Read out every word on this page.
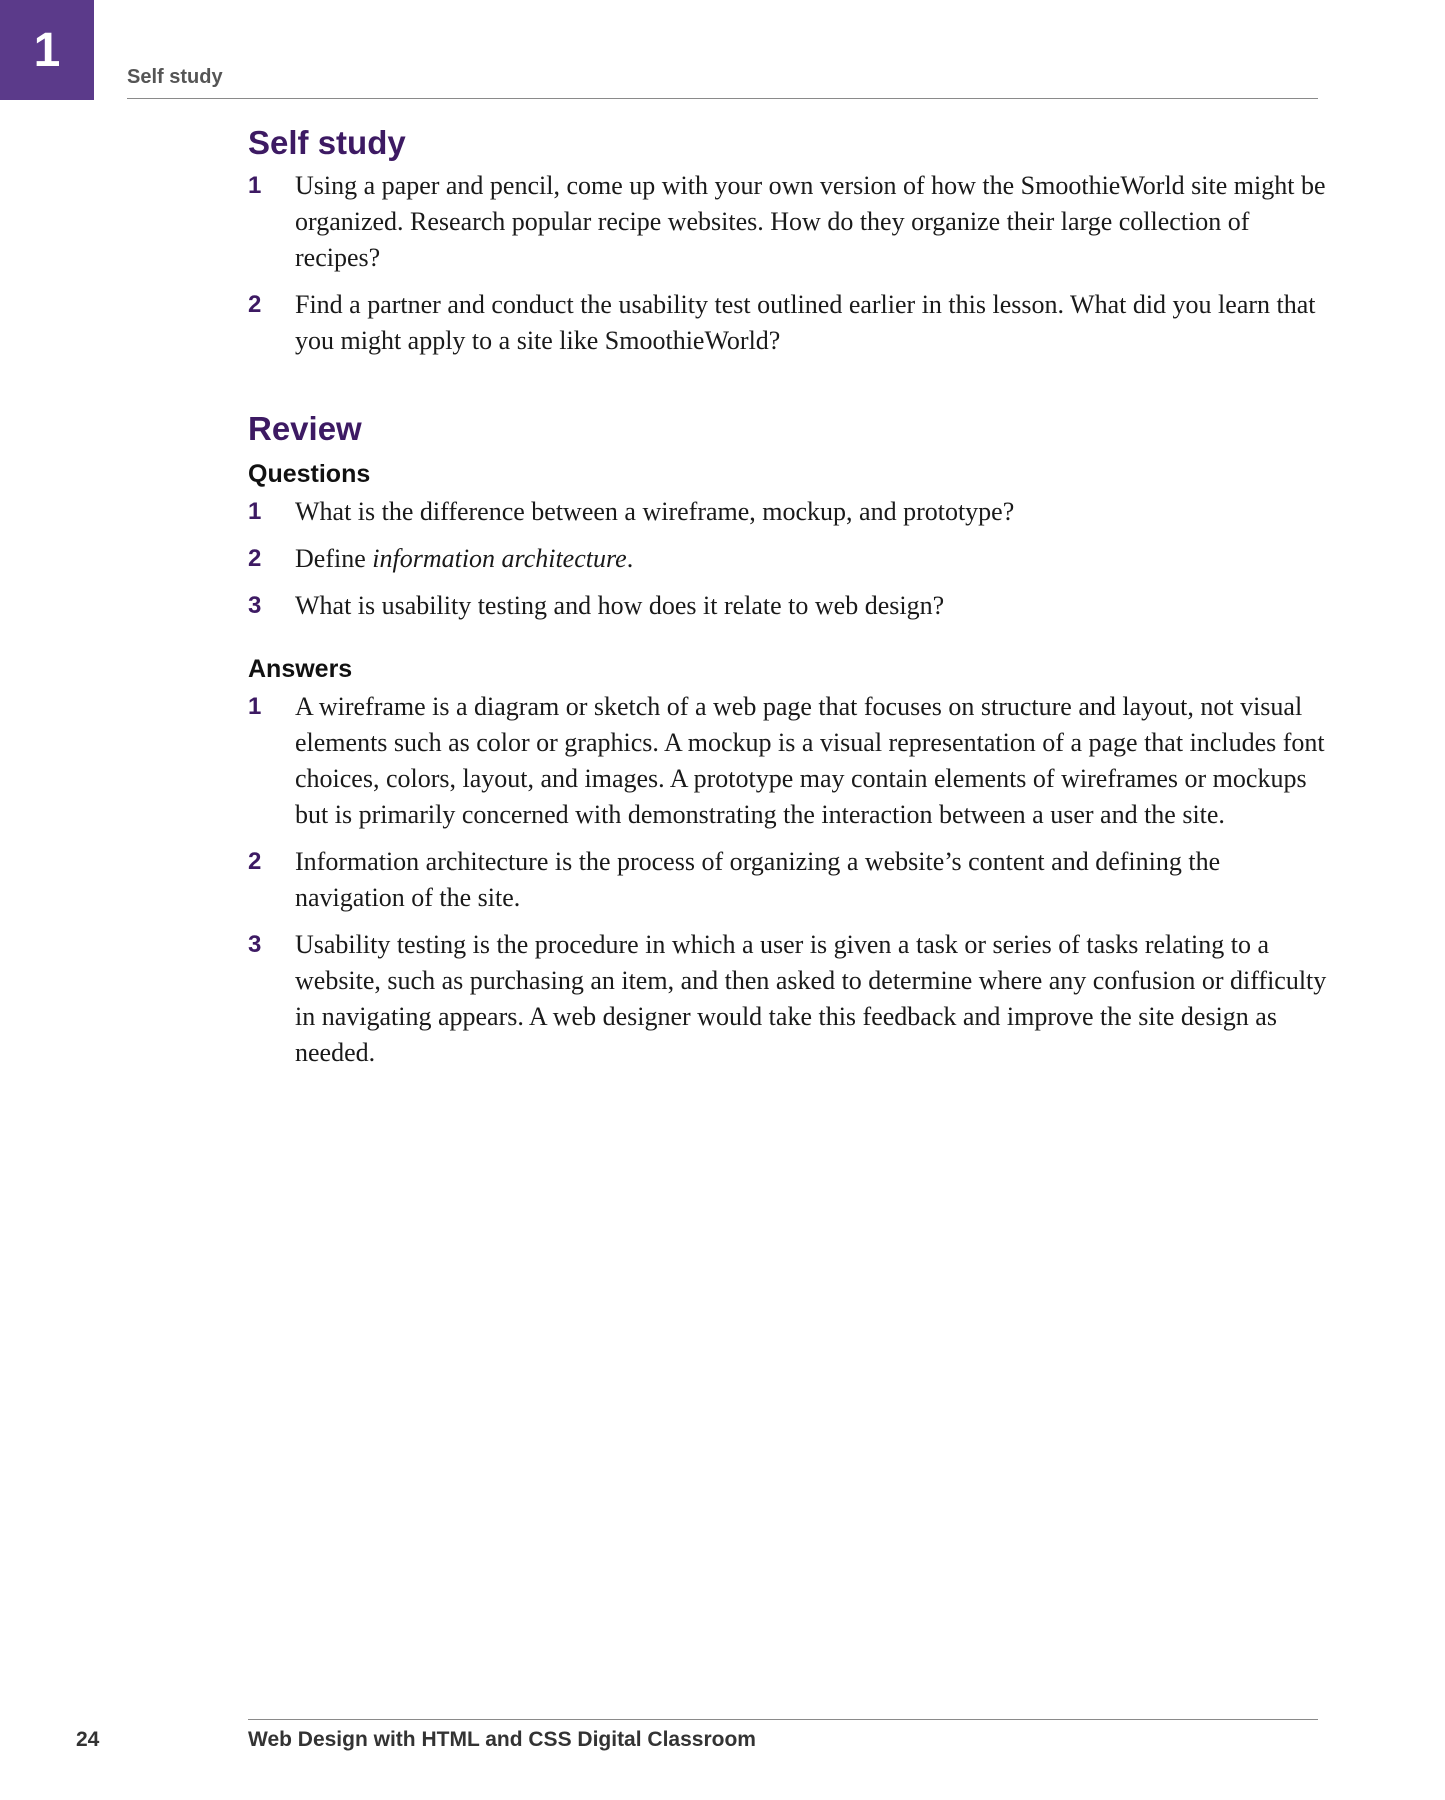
1
Self study
Self study
1	Using a paper and pencil, come up with your own version of how the SmoothieWorld site might be organized. Research popular recipe websites. How do they organize their large collection of recipes?
2	Find a partner and conduct the usability test outlined earlier in this lesson. What did you learn that you might apply to a site like SmoothieWorld?
Review
Questions
1	What is the difference between a wireframe, mockup, and prototype?
2	Define information architecture.
3	What is usability testing and how does it relate to web design?
Answers
1	A wireframe is a diagram or sketch of a web page that focuses on structure and layout, not visual elements such as color or graphics. A mockup is a visual representation of a page that includes font choices, colors, layout, and images. A prototype may contain elements of wireframes or mockups but is primarily concerned with demonstrating the interaction between a user and the site.
2	Information architecture is the process of organizing a website’s content and defining the navigation of the site.
3	Usability testing is the procedure in which a user is given a task or series of tasks relating to a website, such as purchasing an item, and then asked to determine where any confusion or difficulty in navigating appears. A web designer would take this feedback and improve the site design as needed.
24	Web Design with HTML and CSS Digital Classroom
